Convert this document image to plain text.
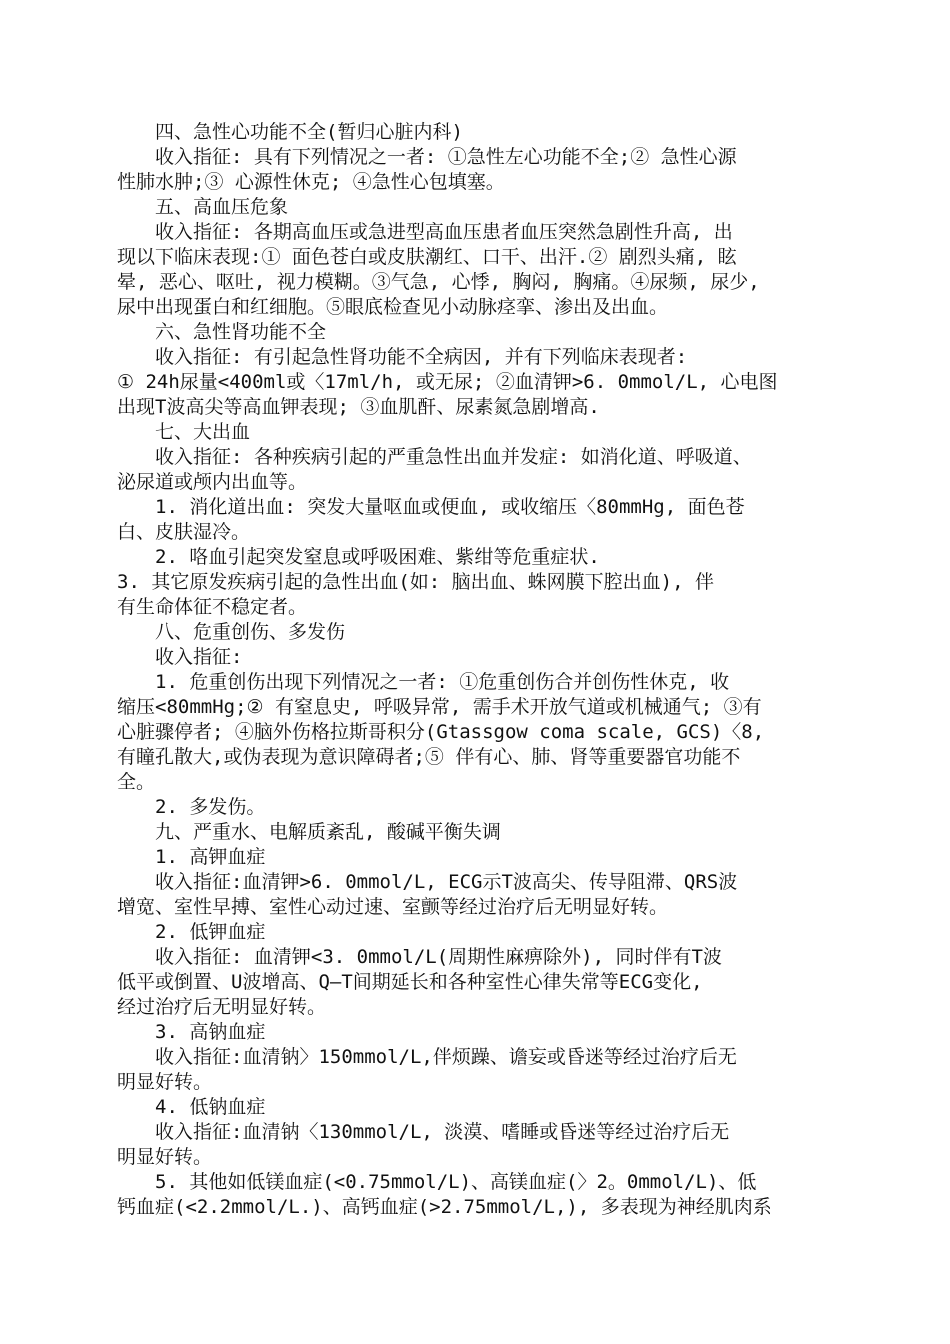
四、急性心功能不全(暂归心脏内科)
收入指征: 具有下列情况之一者: ①急性左心功能不全;② 急性心源
性肺水肿;③ 心源性休克; ④急性心包填塞。
五、高血压危象
收入指征: 各期高血压或急进型高血压患者血压突然急剧性升高, 出
现以下临床表现:① 面色苍白或皮肤潮红、口干、出汗.② 剧烈头痛, 眩
晕, 恶心、呕吐, 视力模糊。③气急, 心悸, 胸闷, 胸痛。④尿频, 尿少,
尿中出现蛋白和红细胞。⑤眼底检查见小动脉痉挛、渗出及出血。
六、急性肾功能不全
收入指征: 有引起急性肾功能不全病因, 并有下列临床表现者:
① 24h尿量<400ml或〈17ml/h, 或无尿; ②血清钾>6. 0mmol/L, 心电图
出现T波高尖等高血钾表现; ③血肌酐、尿素氮急剧增高.
七、大出血
收入指征: 各种疾病引起的严重急性出血并发症: 如消化道、呼吸道、
泌尿道或颅内出血等。
1. 消化道出血: 突发大量呕血或便血, 或收缩压〈80mmHg, 面色苍
白、皮肤湿冷。
2. 咯血引起突发窒息或呼吸困难、紫绀等危重症状.
3. 其它原发疾病引起的急性出血(如: 脑出血、蛛网膜下腔出血), 伴
有生命体征不稳定者。
八、危重创伤、多发伤
收入指征:
1. 危重创伤出现下列情况之一者: ①危重创伤合并创伤性休克, 收
缩压<80mmHg;② 有窒息史, 呼吸异常, 需手术开放气道或机械通气; ③有
心脏骤停者; ④脑外伤格拉斯哥积分(Gtassgow coma scale, GCS)〈8,
有瞳孔散大,或伪表现为意识障碍者;⑤ 伴有心、肺、肾等重要器官功能不
全。
2. 多发伤。
九、严重水、电解质紊乱, 酸碱平衡失调
1. 高钾血症
收入指征:血清钾>6. 0mmol/L, ECG示T波高尖、传导阻滞、QRS波
增宽、室性早搏、室性心动过速、室颤等经过治疗后无明显好转。
2. 低钾血症
收入指征: 血清钾<3. 0mmol/L(周期性麻痹除外), 同时伴有T波
低平或倒置、U波增高、Q—T间期延长和各种室性心律失常等ECG变化,
经过治疗后无明显好转。
3. 高钠血症
收入指征:血清钠〉150mmol/L,伴烦躁、谵妄或昏迷等经过治疗后无
明显好转。
4. 低钠血症
收入指征:血清钠〈130mmol/L, 淡漠、嗜睡或昏迷等经过治疗后无
明显好转。
5. 其他如低镁血症(<0.75mmol/L)、高镁血症(〉2。0mmol/L)、低
钙血症(<2.2mmol/L.)、高钙血症(>2.75mmol/L,), 多表现为神经肌肉系
